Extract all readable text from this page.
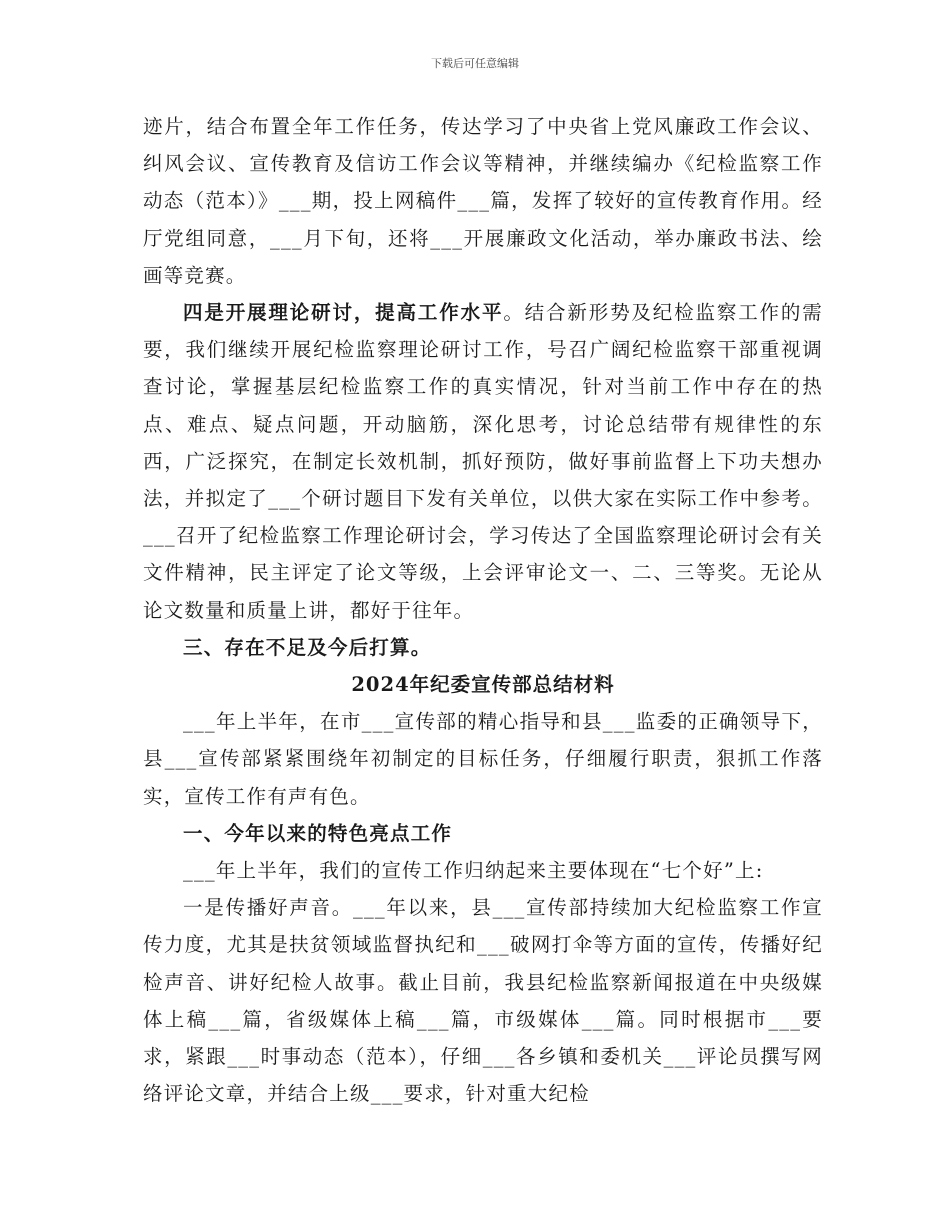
下载后可任意编辑

迹片，结合布置全年工作任务，传达学习了中央省上党风廉政工作会议、纠风会议、宣传教育及信访工作会议等精神，并继续编办《纪检监察工作动态（范本）》___期，投上网稿件___篇，发挥了较好的宣传教育作用。经厅党组同意，___月下旬，还将___开展廉政文化活动，举办廉政书法、绘画等竞赛。

四是开展理论研讨，提高工作水平。结合新形势及纪检监察工作的需要，我们继续开展纪检监察理论研讨工作，号召广阔纪检监察干部重视调查讨论，掌握基层纪检监察工作的真实情况，针对当前工作中存在的热点、难点、疑点问题，开动脑筋，深化思考，讨论总结带有规律性的东西，广泛探究，在制定长效机制，抓好预防，做好事前监督上下功夫想办法，并拟定了___个研讨题目下发有关单位，以供大家在实际工作中参考。___召开了纪检监察工作理论研讨会，学习传达了全国监察理论研讨会有关文件精神，民主评定了论文等级，上会评审论文一、二、三等奖。无论从论文数量和质量上讲，都好于往年。

三、存在不足及今后打算。

2024年纪委宣传部总结材料

___年上半年，在市___宣传部的精心指导和县___监委的正确领导下，县___宣传部紧紧围绕年初制定的目标任务，仔细履行职责，狠抓工作落实，宣传工作有声有色。

一、今年以来的特色亮点工作

___年上半年，我们的宣传工作归纳起来主要体现在“七个好”上:

一是传播好声音。___年以来，县___宣传部持续加大纪检监察工作宣传力度，尤其是扶贫领域监督执纪和___破网打伞等方面的宣传，传播好纪检声音、讲好纪检人故事。截止目前，我县纪检监察新闻报道在中央级媒体上稿___篇，省级媒体上稿___篇，市级媒体___篇。同时根据市___要求，紧跟___时事动态（范本），仔细___各乡镇和委机关___评论员撰写网络评论文章，并结合上级___要求，针对重大纪检
